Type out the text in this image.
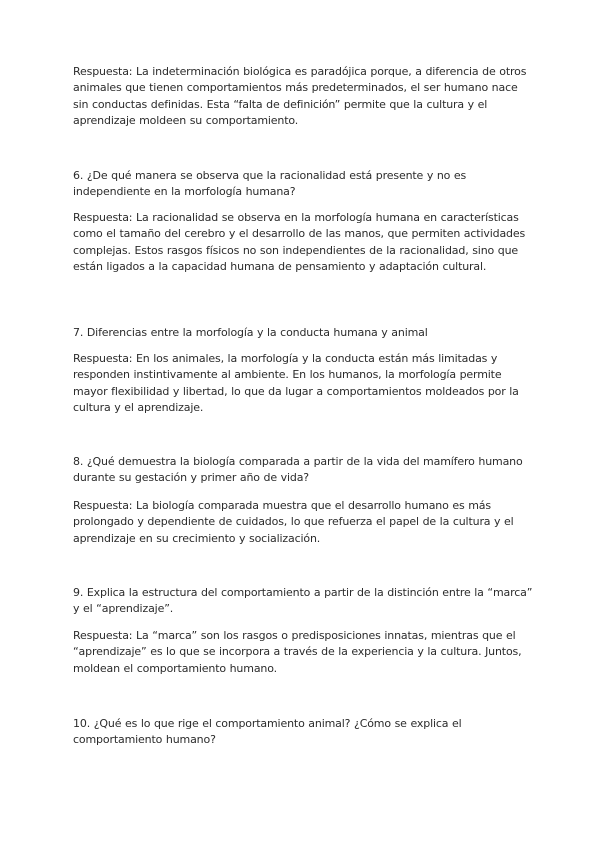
Respuesta: La indeterminación biológica es paradójica porque, a diferencia de otros animales que tienen comportamientos más predeterminados, el ser humano nace sin conductas definidas. Esta “falta de definición” permite que la cultura y el aprendizaje moldeen su comportamiento.

6. ¿De qué manera se observa que la racionalidad está presente y no es independiente en la morfología humana?

Respuesta: La racionalidad se observa en la morfología humana en características como el tamaño del cerebro y el desarrollo de las manos, que permiten actividades complejas. Estos rasgos físicos no son independientes de la racionalidad, sino que están ligados a la capacidad humana de pensamiento y adaptación cultural.

7. Diferencias entre la morfología y la conducta humana y animal

Respuesta: En los animales, la morfología y la conducta están más limitadas y responden instintivamente al ambiente. En los humanos, la morfología permite mayor flexibilidad y libertad, lo que da lugar a comportamientos moldeados por la cultura y el aprendizaje.

8. ¿Qué demuestra la biología comparada a partir de la vida del mamífero humano durante su gestación y primer año de vida?

Respuesta: La biología comparada muestra que el desarrollo humano es más prolongado y dependiente de cuidados, lo que refuerza el papel de la cultura y el aprendizaje en su crecimiento y socialización.

9. Explica la estructura del comportamiento a partir de la distinción entre la “marca” y el “aprendizaje”.

Respuesta: La “marca” son los rasgos o predisposiciones innatas, mientras que el “aprendizaje” es lo que se incorpora a través de la experiencia y la cultura. Juntos, moldean el comportamiento humano.

10. ¿Qué es lo que rige el comportamiento animal? ¿Cómo se explica el comportamiento humano?
